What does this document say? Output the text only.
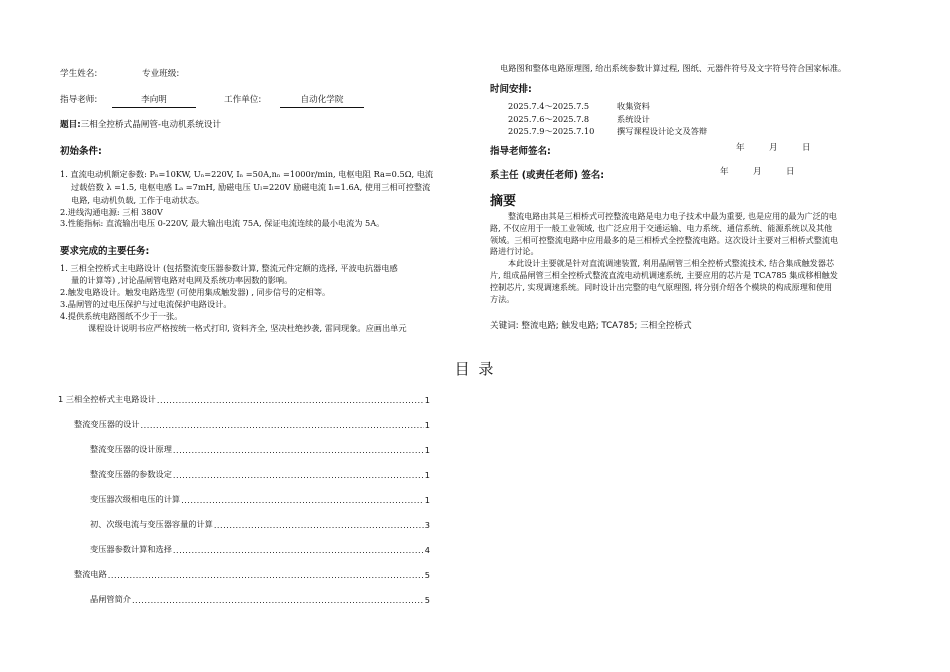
学生姓名:	专业班级:
指导老师:	李向明	工作单位:	自动化学院
题目:三相全控桥式晶闸管-电动机系统设计
初始条件:
1. 直流电动机额定参数: Pₙ=10KW, Uₙ=220V, Iₙ =50A,nₙ =1000r/min, 电枢电阻 Ra=0.5Ω, 电流
过载倍数 λ =1.5, 电枢电感 Lₐ =7mH, 励磁电压 Uₗ=220V 励磁电流 Iₗ=1.6A, 使用三相可控整流
电路, 电动机负载, 工作于电动状态。
2.进线沟通电源: 三相 380V
3.性能指标: 直流输出电压 0-220V, 最大输出电流 75A, 保证电流连续的最小电流为 5A。
要求完成的主要任务:
1. 三相全控桥式主电路设计 (包括整流变压器参数计算, 整流元件定额的选择, 平波电抗器电感
量的计算等) ,讨论晶闸管电路对电网及系统功率因数的影响。
2.触发电路设计。触发电路选型 (可使用集成触发器) , 同步信号的定相等。
3.晶闸管的过电压保护与过电流保护电路设计。
4.提供系统电路图纸不少于一张。
课程设计说明书应严格按统一格式打印, 资料齐全, 坚决杜绝抄袭, 雷同现象。应画出单元
电路图和整体电路原理图, 给出系统参数计算过程, 图纸、元器件符号及文字符号符合国家标准。
时间安排:
2025.7.4～2025.7.5	收集资料
2025.7.6～2025.7.8	系统设计
2025.7.9～2025.7.10	撰写课程设计论文及答辩
指导老师签名:	年	月	日
系主任 (或责任老师) 签名:	年	月	日
摘要
整流电路由其是三相桥式可控整流电路是电力电子技术中最为重要, 也是应用的最为广泛的电
路, 不仅应用于一般工业领域, 也广泛应用于交通运输、电力系统、通信系统、能源系统以及其他
领域。三相可控整流电路中应用最多的是三相桥式全控整流电路。这次设计主要对三相桥式整流电
路进行讨论。
本此设计主要就是针对直流调速装置, 利用晶闸管三相全控桥式整流技术, 结合集成触发器芯
片, 组成晶闸管三相全控桥式整流直流电动机调速系统, 主要应用的芯片是 TCA785 集成移相触发
控制芯片, 实现调速系统。同时设计出完整的电气原理图, 将分别介绍各个模块的构成原理和使用
方法。
关键词: 整流电路; 触发电路; TCA785; 三相全控桥式
目 录
1 三相全控桥式主电路设计 .....	1
整流变压器的设计 .....	1
整流变压器的设计原理 .....	1
整流变压器的参数设定 .....	1
变压器次级相电压的计算 .....	1
初、次级电流与变压器容量的计算 .....	3
变压器参数计算和选择 .....	4
整流电路 .....	5
晶闸管简介 .....	5
